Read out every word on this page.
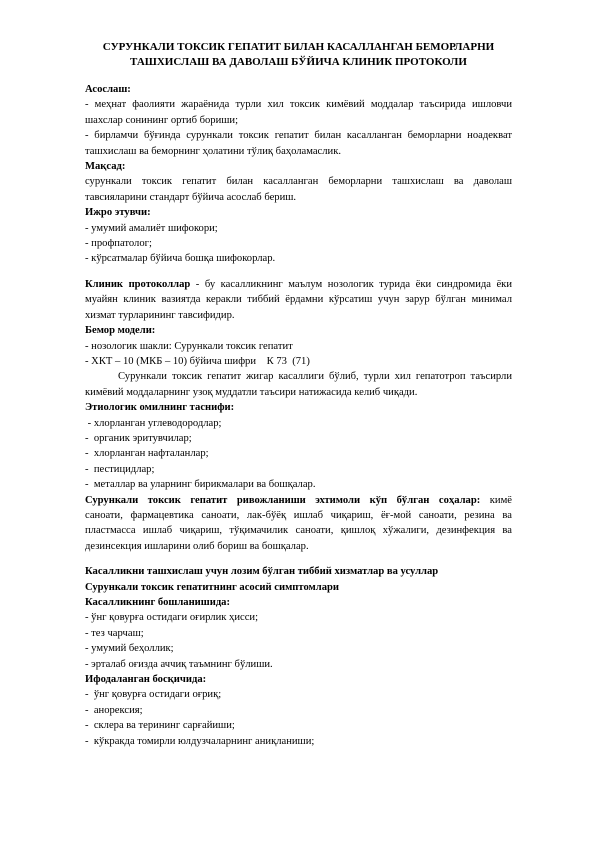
СУРУНКАЛИ ТОКСИК ГЕПАТИТ БИЛАН КАСАЛЛАНГАН БЕМОРЛАРНИ
ТАШХИСЛАШ ВА ДАВОЛАШ БЎЙИЧА КЛИНИК ПРОТОКОЛИ

Асослаш:

- меҳнат фаолияти жараёнида турли хил токсик кимёвий моддалар таъсирида ишловчи

шахслар сонининг ортиб бориши;

- бирламчи бўғинда сурункали токсик гепатит билан касалланган беморларни ноадекват

ташхислаш ва беморнинг ҳолатини тўлиқ баҳоламаслик.

Мақсад:

сурункали токсик гепатит билан касалланган беморларни ташхислаш ва даволаш

тавсияларини стандарт бўйича асослаб бериш.

Ижро этувчи:

- умумий амалиёт шифокори;

- профпатолог;

- кўрсатмалар бўйича бошқа шифокорлар.

Клиник протоколлар - бу касалликнинг маълум нозологик турида ёки синдромида ёки

муайян клиник вазиятда керакли тиббий ёрдамни кўрсатиш учун зарур бўлган минимал

хизмат турларининг тавсифидир.

Бемор модели:

- нозологик шакли: Сурункали токсик гепатит

- ХКТ – 10 (МКБ – 10) бўйича шифри    К 73  (71)

Сурункали токсик гепатит жигар касаллиги бўлиб, турли хил гепатотроп таъсирли

кимёвий моддаларнинг узоқ муддатли таъсири натижасида келиб чиқади.

Этиологик омилнинг таснифи:

- хлорланган углеводородлар;

-  органик эритувчилар;

-  хлорланган нафталанлар;

-  пестицидлар;

-  металлар ва уларнинг бирикмалари ва бошқалар.

Сурункали токсик гепатит ривожланиши эхтимоли кўп бўлган соҳалар: кимё

саноати, фармацевтика саноати, лак-бўёқ ишлаб чиқариш, ёғ-мой саноати, резина ва

пластмасса ишлаб чиқариш, тўқимачилик саноати, қишлоқ хўжалиги, дезинфекция ва

дезинсекция ишларини олиб бориш ва бошқалар.

Касалликни ташхислаш учун лозим бўлган тиббий хизматлар ва усуллар

Сурункали токсик гепатитнинг асосий симптомлари

Касалликнинг бошланишида:

- ўнг қовурға остидаги оғирлик ҳисси;

- тез чарчаш;

- умумий беҳоллик;

- эрталаб оғизда аччиқ таъмнинг бўлиши.

Ифодаланган босқичида:

-  ўнг қовурға остидаги оғриқ;

-  анорексия;

-  склера ва терининг сарғайиши;

-  кўкракда томирли юлдузчаларнинг аниқланиши;
